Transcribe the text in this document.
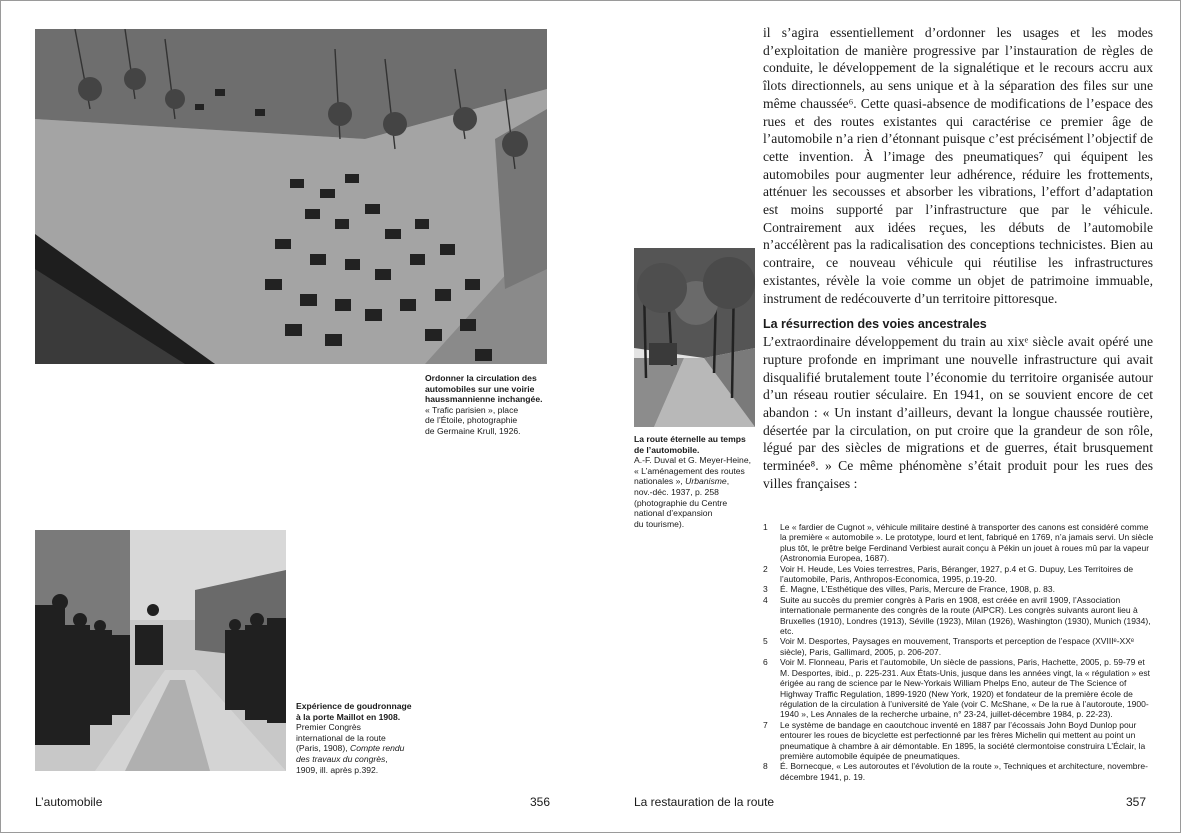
Ordonner la circulation des automobiles sur une voirie haussmannienne inchangée.
« Trafic parisien », place
de l’Étoile, photographie
de Germaine Krull, 1926.
Expérience de goudronnage à la porte Maillot en 1908.
Premier Congrès
international de la route
(Paris, 1908), Compte rendu
des travaux du congrès,
1909, ill. après p.392.
L’automobile	356
La route éternelle au temps de l’automobile.
A.-F. Duval et G. Meyer-Heine,
« L’aménagement des routes
nationales », Urbanisme,
nov.-déc. 1937, p. 258
(photographie du Centre
national d’expansion
du tourisme).

il s’agira essentiellement d’ordonner les usages et les modes d’exploitation de manière progressive par l’instauration de règles de conduite, le développement de la signalétique et le recours accru aux îlots directionnels, au sens unique et à la séparation des files sur une même chaussée⁶. Cette quasi-absence de modifications de l’espace des rues et des routes existantes qui caractérise ce premier âge de l’automobile n’a rien d’étonnant puisque c’est précisément l’objectif de cette invention. À l’image des pneumatiques⁷ qui équipent les automobiles pour augmenter leur adhérence, réduire les frottements, atténuer les secousses et absorber les vibrations, l’effort d’adaptation est moins supporté par l’infrastructure que par le véhicule. Contrairement aux idées reçues, les débuts de l’automobile n’accélèrent pas la radicalisation des conceptions technicistes. Bien au contraire, ce nouveau véhicule qui réutilise les infrastructures existantes, révèle la voie comme un objet de patrimoine immuable, instrument de redécouverte d’un territoire pittoresque.

La résurrection des voies ancestrales

L’extraordinaire développement du train au xixᵉ siècle avait opéré une rupture profonde en imprimant une nouvelle infrastructure qui avait disqualifié brutalement toute l’économie du territoire organisée autour d’un réseau routier séculaire. En 1941, on se souvient encore de cet abandon : « Un instant d’ailleurs, devant la longue chaussée routière, désertée par la circulation, on put croire que la grandeur de son rôle, légué par des siècles de migrations et de guerres, était brusquement terminée⁸. » Ce même phénomène s’était produit pour les rues des villes françaises :

1 Le « fardier de Cugnot », véhicule militaire destiné à transporter des canons est considéré comme la première « automobile ». Le prototype, lourd et lent, fabriqué en 1769, n’a jamais servi. Un siècle plus tôt, le prêtre belge Ferdinand Verbiest aurait conçu à Pékin un jouet à roues mû par la vapeur (Astronomia Europea, 1687).

2 Voir H. Heude, Les Voies terrestres, Paris, Béranger, 1927, p.4 et G. Dupuy, Les Territoires de l’automobile, Paris, Anthropos-Economica, 1995, p.19-20.

3 É. Magne, L’Esthétique des villes, Paris, Mercure de France, 1908, p. 83.

4 Suite au succès du premier congrès à Paris en 1908, est créée en avril 1909, l’Association internationale permanente des congrès de la route (AIPCR). Les congrès suivants auront lieu à Bruxelles (1910), Londres (1913), Séville (1923), Milan (1926), Washington (1930), Munich (1934), etc.

5 Voir M. Desportes, Paysages en mouvement, Transports et perception de l’espace (XVIIIᵉ-XXᵉ siècle), Paris, Gallimard, 2005, p. 206-207.

6 Voir M. Flonneau, Paris et l’automobile, Un siècle de passions, Paris, Hachette, 2005, p. 59-79 et M. Desportes, ibid., p. 225-231. Aux États-Unis, jusque dans les années vingt, la « régulation » est érigée au rang de science par le New-Yorkais William Phelps Eno, auteur de The Science of Highway Traffic Regulation, 1899-1920 (New York, 1920) et fondateur de la première école de régulation de la circulation à l’université de Yale (voir C. McShane, « De la rue à l’autoroute, 1900-1940 », Les Annales de la recherche urbaine, n° 23-24, juillet-décembre 1984, p. 22-23).

7 Le système de bandage en caoutchouc inventé en 1887 par l’écossais John Boyd Dunlop pour entourer les roues de bicyclette est perfectionné par les frères Michelin qui mettent au point un pneumatique à chambre à air démontable. En 1895, la société clermontoise construira L’Éclair, la première automobile équipée de pneumatiques.

8 É. Bornecque, « Les autoroutes et l’évolution de la route », Techniques et architecture, novembre-décembre 1941, p. 19.

La restauration de la route	357
